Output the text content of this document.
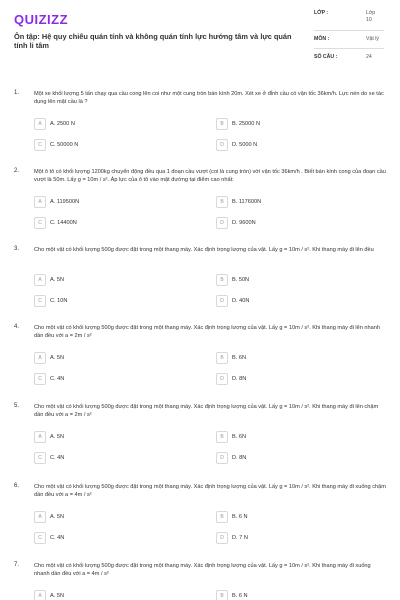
QUIZIZZ
Ôn tập: Hệ quy chiếu quán tính và không quán tính lực hướng tâm và lực quán tính li tâm
LỚP :	Lớp 10
MÔN :	Vật lý
SỐ CÂU :	24
1.	Một xe khối lượng 5 tấn chạy qua cầu cong lên coi như một cung tròn bán kính 20m. Xét xe ở đỉnh cầu có vận tốc 36km/h. Lực nén do xe tác dụng lên mặt cầu là ?
A	A. 2500 N	B	B. 25000 N
C	C. 50000 N	D	D. 5000 N
2.	Một ô tô có khối lượng 1200kg chuyển động đều qua 1 đoạn cầu vượt (coi là cung tròn) với vận tốc 36km/h . Biết bán kính cong của đoạn cầu vượt là 50m. Lấy g = 10m / s². Áp lực của ô tô vào mặt đường tại điểm cao nhất:
A	A. 119500N	B	B. 117600N
C	C. 14400N	D	D. 9600N
3.	Cho một vật có khối lượng 500g được đặt trong một thang máy. Xác định trọng lượng của vật. Lấy g = 10m / s². Khi thang máy đi lên đều
A	A. 5N	B	B. 50N
C	C. 10N	D	D. 40N
4.	Cho một vật có khối lượng 500g được đặt trong một thang máy. Xác định trọng lượng của vật. Lấy g = 10m / s². Khi thang máy đi lên nhanh dần đều với a = 2m / s²
A	A. 5N	B	B. 6N
C	C. 4N	D	D. 8N
5.	Cho một vật có khối lượng 500g được đặt trong một thang máy. Xác định trọng lượng của vật. Lấy g = 10m / s². Khi thang máy đi lên chậm dần đều với a = 2m / s²
A	A. 5N	B	B. 6N
C	C. 4N	D	D. 8N
6.	Cho một vật có khối lượng 500g được đặt trong một thang máy. Xác định trọng lượng của vật. Lấy g = 10m / s². Khi thang máy đi xuống chậm dần đều với a = 4m / s²
A	A. 5N	B	B. 6 N
C	C. 4N	D	D. 7 N
7.	Cho một vật có khối lượng 500g được đặt trong một thang máy. Xác định trọng lượng của vật. Lấy g = 10m / s². Khi thang máy đi xuống nhanh dần đều với a = 4m / s²
A	A. 5N	B	B. 6 N
